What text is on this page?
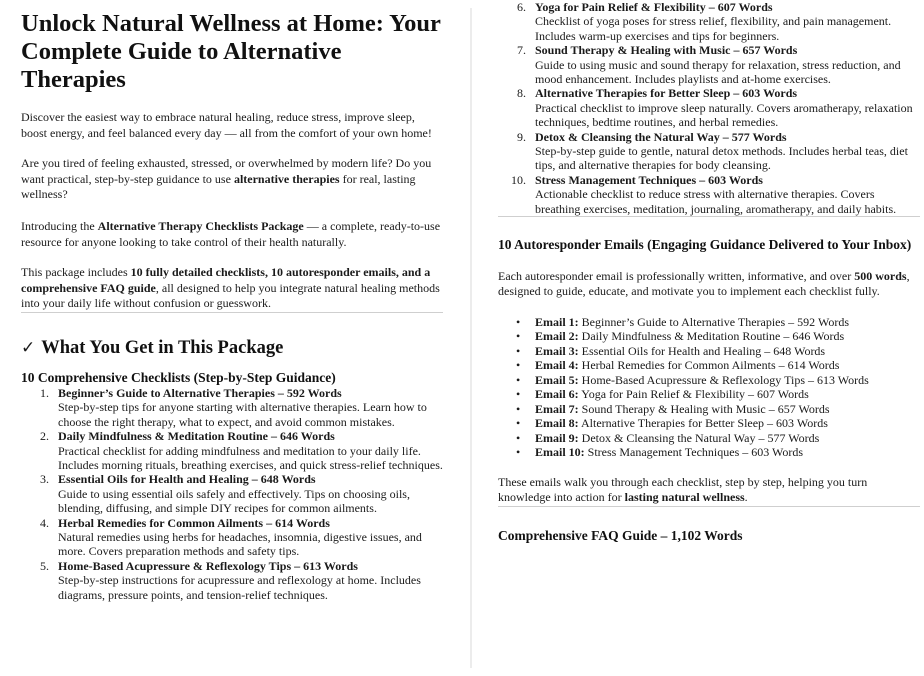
Unlock Natural Wellness at Home: Your Complete Guide to Alternative Therapies

Discover the easiest way to embrace natural healing, reduce stress, improve sleep, boost energy, and feel balanced every day — all from the comfort of your own home!

Are you tired of feeling exhausted, stressed, or overwhelmed by modern life? Do you want practical, step-by-step guidance to use alternative therapies for real, lasting wellness?

Introducing the Alternative Therapy Checklists Package — a complete, ready-to-use resource for anyone looking to take control of their health naturally.

This package includes 10 fully detailed checklists, 10 autoresponder emails, and a comprehensive FAQ guide, all designed to help you integrate natural healing methods into your daily life without confusion or guesswork.

✓ What You Get in This Package
10 Comprehensive Checklists (Step-by-Step Guidance)
1. Beginner’s Guide to Alternative Therapies – 592 Words
Step-by-step tips for anyone starting with alternative therapies. Learn how to choose the right therapy, what to expect, and avoid common mistakes.
2. Daily Mindfulness & Meditation Routine – 646 Words
Practical checklist for adding mindfulness and meditation to your daily life. Includes morning rituals, breathing exercises, and quick stress-relief techniques.
3. Essential Oils for Health and Healing – 648 Words
Guide to using essential oils safely and effectively. Tips on choosing oils, blending, diffusing, and simple DIY recipes for common ailments.
4. Herbal Remedies for Common Ailments – 614 Words
Natural remedies using herbs for headaches, insomnia, digestive issues, and more. Covers preparation methods and safety tips.
5. Home-Based Acupressure & Reflexology Tips – 613 Words
Step-by-step instructions for acupressure and reflexology at home. Includes diagrams, pressure points, and tension-relief techniques.
6. Yoga for Pain Relief & Flexibility – 607 Words
Checklist of yoga poses for stress relief, flexibility, and pain management. Includes warm-up exercises and tips for beginners.
7. Sound Therapy & Healing with Music – 657 Words
Guide to using music and sound therapy for relaxation, stress reduction, and mood enhancement. Includes playlists and at-home exercises.
8. Alternative Therapies for Better Sleep – 603 Words
Practical checklist to improve sleep naturally. Covers aromatherapy, relaxation techniques, bedtime routines, and herbal remedies.
9. Detox & Cleansing the Natural Way – 577 Words
Step-by-step guide to gentle, natural detox methods. Includes herbal teas, diet tips, and alternative therapies for body cleansing.
10. Stress Management Techniques – 603 Words
Actionable checklist to reduce stress with alternative therapies. Covers breathing exercises, meditation, journaling, aromatherapy, and daily habits.
10 Autoresponder Emails (Engaging Guidance Delivered to Your Inbox)

Each autoresponder email is professionally written, informative, and over 500 words, designed to guide, educate, and motivate you to implement each checklist fully.

• Email 1: Beginner’s Guide to Alternative Therapies – 592 Words
• Email 2: Daily Mindfulness & Meditation Routine – 646 Words
• Email 3: Essential Oils for Health and Healing – 648 Words
• Email 4: Herbal Remedies for Common Ailments – 614 Words
• Email 5: Home-Based Acupressure & Reflexology Tips – 613 Words
• Email 6: Yoga for Pain Relief & Flexibility – 607 Words
• Email 7: Sound Therapy & Healing with Music – 657 Words
• Email 8: Alternative Therapies for Better Sleep – 603 Words
• Email 9: Detox & Cleansing the Natural Way – 577 Words
• Email 10: Stress Management Techniques – 603 Words

These emails walk you through each checklist, step by step, helping you turn knowledge into action for lasting natural wellness.

Comprehensive FAQ Guide – 1,102 Words
